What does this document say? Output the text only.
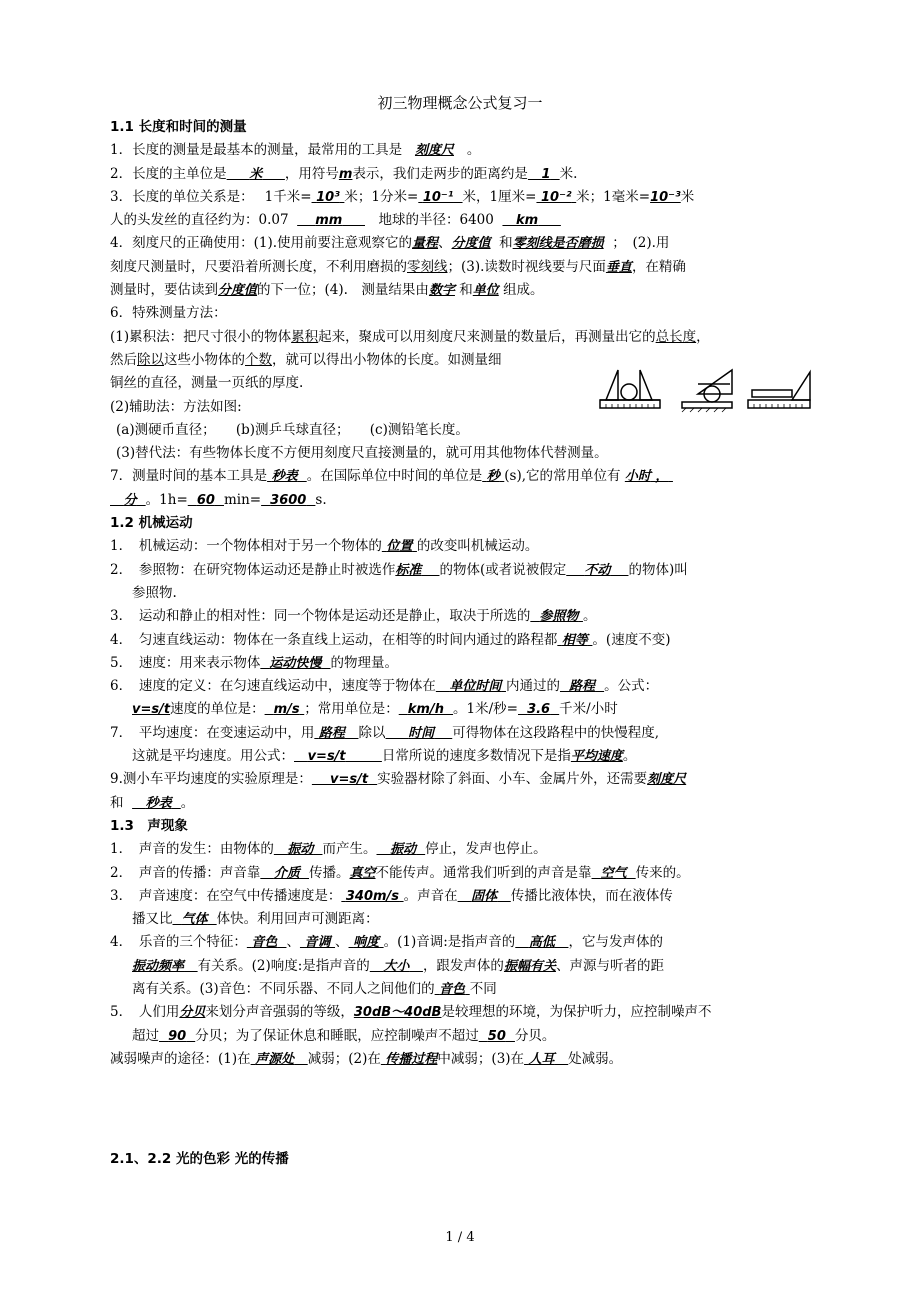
初三物理概念公式复习一
1.1 长度和时间的测量
1．长度的测量是最基本的测量，最常用的工具是 刻度尺 。
2．长度的主单位是 米 ，用符号m表示，我们走两步的距离约是 1 米.
3．长度的单位关系是：　 1千米= 10³ 米；1分米= 10⁻¹ 米，1厘米= 10⁻² 米；1毫米=10⁻³米
人的头发丝的直径约为：0.07 mm     　地球的半径：6400 km
4．刻度尺的正确使用：(1).使用前要注意观察它的量程、分度值 和零刻线是否磨损 ；　(2).用
刻度尺测量时，尺要沿着所测长度，不利用磨损的零刻线；(3).读数时视线要与尺面垂直，在精确
测量时，要估读到分度值的下一位；(4).　测量结果由数字 和单位 组成。
6．特殊测量方法：
(1)累积法：把尺寸很小的物体累积起来，聚成可以用刻度尺来测量的数量后，再测量出它的总长度，
然后除以这些小物体的个数，就可以得出小物体的长度。如测量细
铜丝的直径，测量一页纸的厚度.
(2)辅助法：方法如图:
(a)测硬币直径；　　(b)测乒乓球直径；　　(c)测铅笔长度。
(3)替代法：有些物体长度不方便用刻度尺直接测量的，就可用其他物体代替测量。
7．测量时间的基本工具是 秒表 。在国际单位中时间的单位是 秒 (s),它的常用单位有 小时 ，
分 。1h= 60 min= 3600 s.
1.2 机械运动
1．　机械运动：一个物体相对于另一个物体的 位置 的改变叫机械运动。
2．　参照物：在研究物体运动还是静止时被选作标准 的物体(或者说被假定 不动 的物体)叫
参照物.
3．　运动和静止的相对性：同一个物体是运动还是静止，取决于所选的 参照物 。
4．　匀速直线运动：物体在一条直线上运动，在相等的时间内通过的路程都 相等 。(速度不变)
5．　速度：用来表示物体 运动快慢 的物理量。
6．　速度的定义：在匀速直线运动中，速度等于物体在 单位时间 内通过的 路程 。公式：
v=s/t速度的单位是： m/s ；常用单位是： km/h 。1米/秒= 3.6 千米/小时
7．　平均速度：在变速运动中，用 路程 除以 时间 可得物体在这段路程中的快慢程度,
这就是平均速度。用公式： v=s/t	日常所说的速度多数情况下是指平均速度。
9.测小车平均速度的实验原理是： v=s/t 实验器材除了斜面、小车、金属片外，还需要刻度尺
和 秒表 。
1.3　声现象
1．　声音的发生：由物体的 振动 而产生。 振动 停止，发声也停止。
2．　声音的传播：声音靠 介质 传播。真空不能传声。通常我们听到的声音是靠 空气 传来的。
3．　声音速度：在空气中传播速度是： 340m/s 。声音在 固体 传播比液体快，而在液体传
播又比 气体 体快。利用回声可测距离：
4．　乐音的三个特征： 音色 、 音调 、 响度 。(1)音调:是指声音的 高低 ，它与发声体的
振动频率 有关系。(2)响度:是指声音的 大小 ，跟发声体的振幅有关、声源与听者的距
离有关系。(3)音色：不同乐器、不同人之间他们的 音色 不同
5．　人们用分贝来划分声音强弱的等级，30dB～40dB是较理想的环境，为保护听力，应控制噪声不
超过 90 分贝；为了保证休息和睡眠，应控制噪声不超过 50 分贝。
减弱噪声的途径：(1)在 声源处 减弱；(2)在 传播过程中减弱；(3)在 人耳 处减弱。
2.1、2.2 光的色彩 光的传播
1 / 4
